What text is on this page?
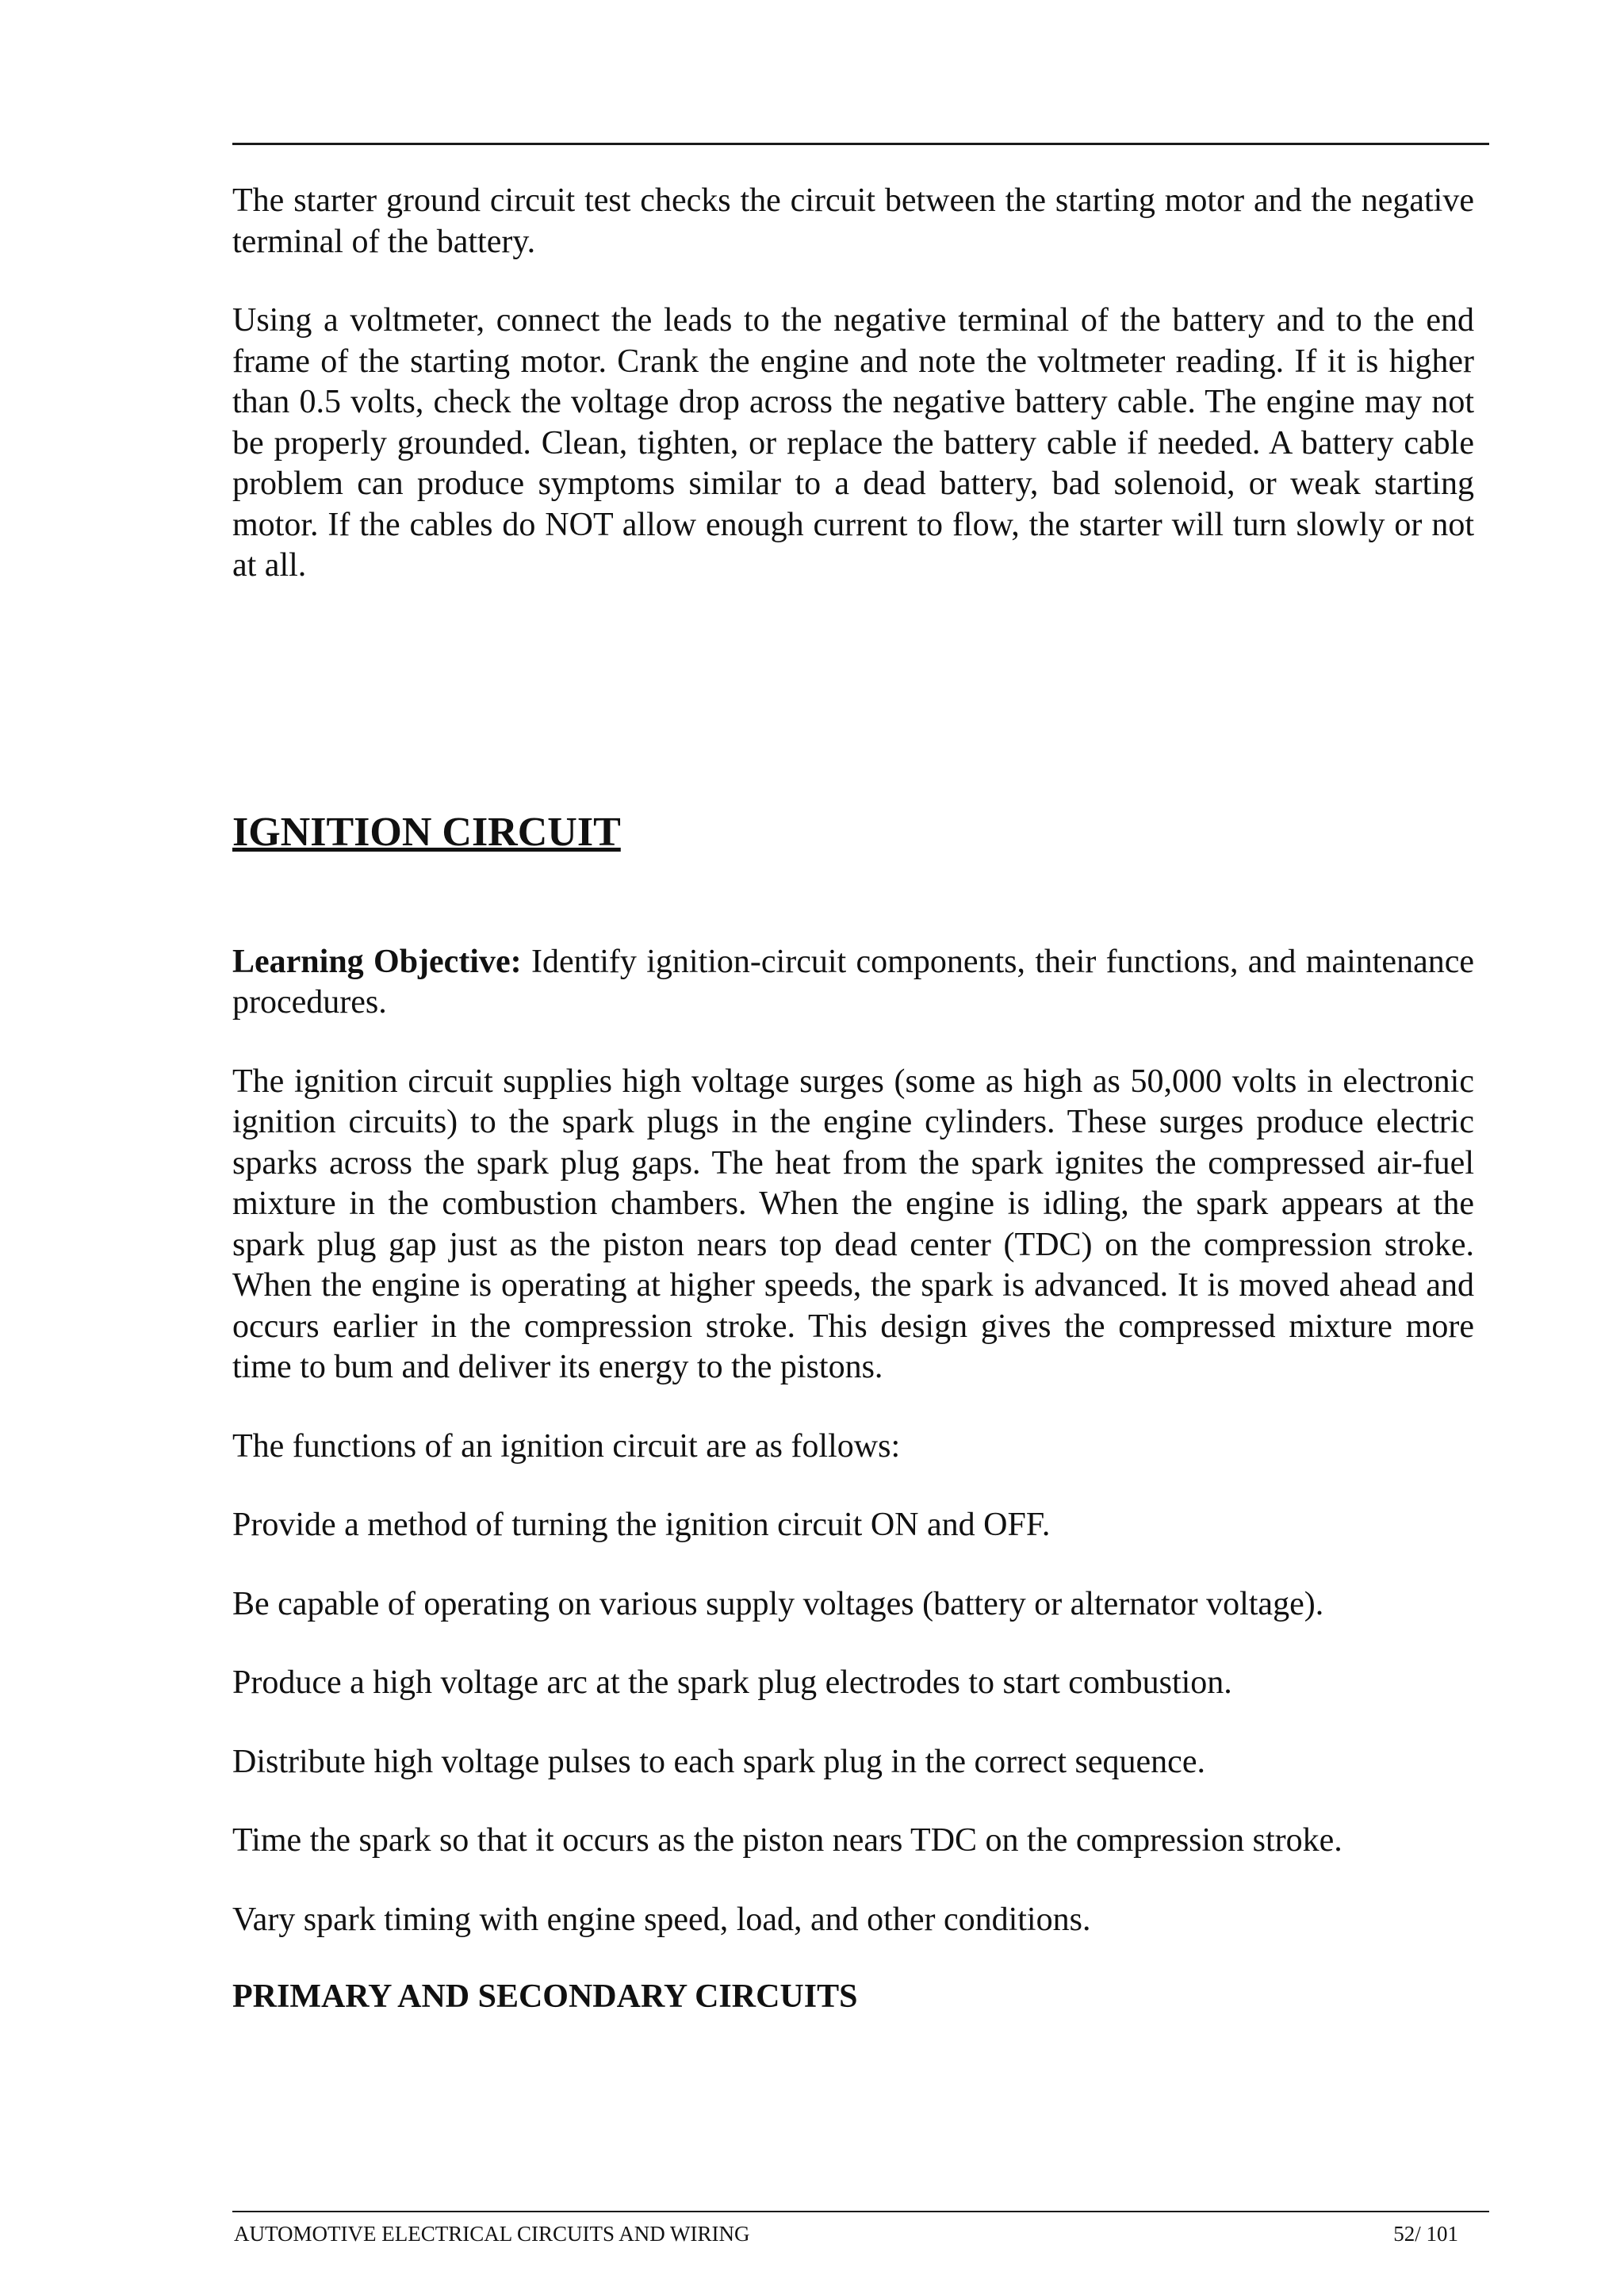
The starter ground circuit test checks the circuit between the starting motor and the negative terminal of the battery.

Using a voltmeter, connect the leads to the negative terminal of the battery and to the end frame of the starting motor. Crank the engine and note the voltmeter reading. If it is higher than 0.5 volts, check the voltage drop across the negative battery cable. The engine may not be properly grounded. Clean, tighten, or replace the battery cable if needed. A battery cable problem can produce symptoms similar to a dead battery, bad solenoid, or weak starting motor. If the cables do NOT allow enough current to flow, the starter will turn slowly or not at all.

IGNITION CIRCUIT

Learning Objective: Identify ignition-circuit components, their functions, and maintenance procedures.

The ignition circuit supplies high voltage surges (some as high as 50,000 volts in electronic ignition circuits) to the spark plugs in the engine cylinders. These surges produce electric sparks across the spark plug gaps. The heat from the spark ignites the compressed air-fuel mixture in the combustion chambers. When the engine is idling, the spark appears at the spark plug gap just as the piston nears top dead center (TDC) on the compression stroke. When the engine is operating at higher speeds, the spark is advanced. It is moved ahead and occurs earlier in the compression stroke. This design gives the compressed mixture more time to bum and deliver its energy to the pistons.

The functions of an ignition circuit are as follows:

Provide a method of turning the ignition circuit ON and OFF.

Be capable of operating on various supply voltages (battery or alternator voltage).

Produce a high voltage arc at the spark plug electrodes to start combustion.

Distribute high voltage pulses to each spark plug in the correct sequence.

Time the spark so that it occurs as the piston nears TDC on the compression stroke.

Vary spark timing with engine speed, load, and other conditions.

PRIMARY AND SECONDARY CIRCUITS
AUTOMOTIVE ELECTRICAL CIRCUITS AND WIRING	52/ 101
